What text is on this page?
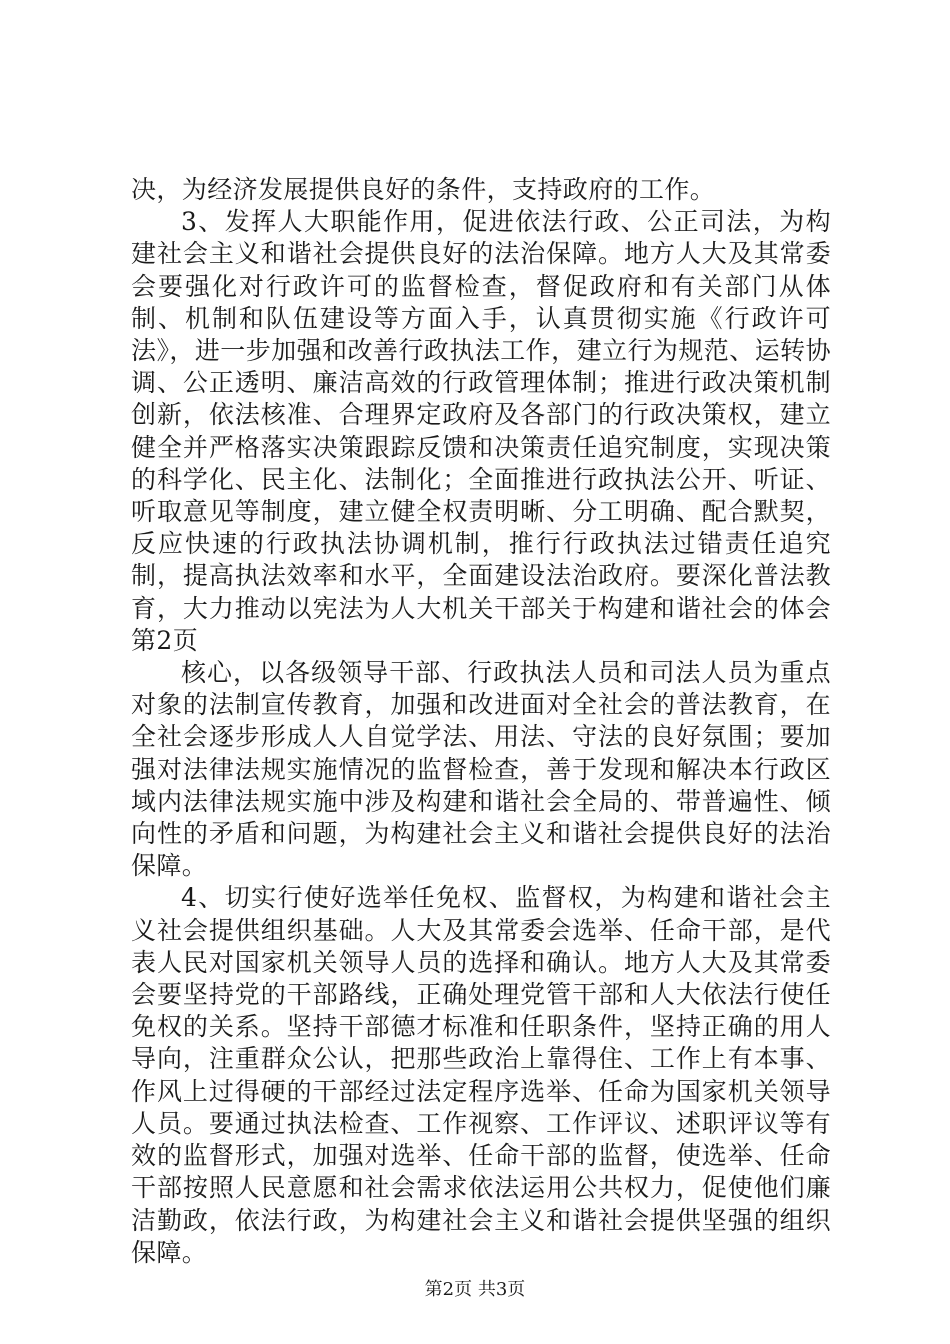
决，为经济发展提供良好的条件，支持政府的工作。

3、发挥人大职能作用，促进依法行政、公正司法，为构建社会主义和谐社会提供良好的法治保障。地方人大及其常委会要强化对行政许可的监督检查，督促政府和有关部门从体制、机制和队伍建设等方面入手，认真贯彻实施《行政许可法》，进一步加强和改善行政执法工作，建立行为规范、运转协调、公正透明、廉洁高效的行政管理体制；推进行政决策机制创新，依法核准、合理界定政府及各部门的行政决策权，建立健全并严格落实决策跟踪反馈和决策责任追究制度，实现决策的科学化、民主化、法制化；全面推进行政执法公开、听证、听取意见等制度，建立健全权责明晰、分工明确、配合默契，反应快速的行政执法协调机制，推行行政执法过错责任追究制，提高执法效率和水平，全面建设法治政府。要深化普法教育，大力推动以宪法为人大机关干部关于构建和谐社会的体会第2页

核心，以各级领导干部、行政执法人员和司法人员为重点对象的法制宣传教育，加强和改进面对全社会的普法教育，在全社会逐步形成人人自觉学法、用法、守法的良好氛围；要加强对法律法规实施情况的监督检查，善于发现和解决本行政区域内法律法规实施中涉及构建和谐社会全局的、带普遍性、倾向性的矛盾和问题，为构建社会主义和谐社会提供良好的法治保障。

4、切实行使好选举任免权、监督权，为构建和谐社会主义社会提供组织基础。人大及其常委会选举、任命干部，是代表人民对国家机关领导人员的选择和确认。地方人大及其常委会要坚持党的干部路线，正确处理党管干部和人大依法行使任免权的关系。坚持干部德才标准和任职条件，坚持正确的用人导向，注重群众公认，把那些政治上靠得住、工作上有本事、作风上过得硬的干部经过法定程序选举、任命为国家机关领导人员。要通过执法检查、工作视察、工作评议、述职评议等有效的监督形式，加强对选举、任命干部的监督，使选举、任命干部按照人民意愿和社会需求依法运用公共权力，促使他们廉洁勤政，依法行政，为构建社会主义和谐社会提供坚强的组织保障。

第2页 共3页
